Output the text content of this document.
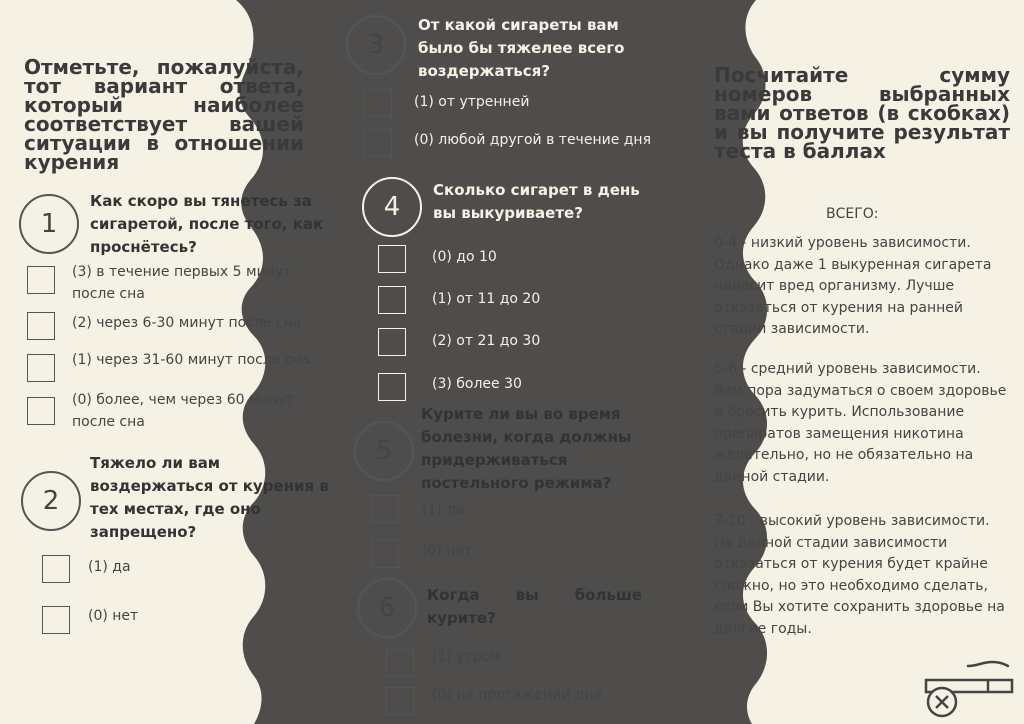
Отметьте, пожалуйста, тот вариант ответа, который наиболее соответствует вашей ситуации в отношении курения
1
Как скоро вы тянетесь за сигаретой, после того, как проснётесь?
(3) в течение первых 5 минут после сна
(2) через 6-30 минут после сна
(1) через 31-60 минут после сна
(0) более, чем через 60 минут после сна
2
Тяжело ли вам воздержаться от курения в тех местах, где оно запрещено?
(1) да
(0) нет
3
От какой сигареты вам было бы тяжелее всего воздержаться?
(1) от утренней
(0) любой другой в течение дня
4
Сколько сигарет в день вы выкуриваете?
(0) до 10
(1) от 11 до 20
(2) от 21 до 30
(3) более 30
5
Курите ли вы во время болезни, когда должны придерживаться постельного режима?
(1) да
(0) нет
6	Когда вы больше курите?
(1) утром
(0) на протяжении дня
Посчитайте сумму номеров выбранных вами ответов (в скобках) и вы получите результат теста в баллах
ВСЕГО:
0-4 - низкий уровень зависимости. Однако даже 1 выкуренная сигарета наносит вред организму. Лучше отказаться от курения на ранней стадии зависимости.
5-6 - средний уровень зависимости. Вам пора задуматься о своем здоровье и бросить курить. Использование препаратов замещения никотина желательно, но не обязательно на данной стадии.
7-10 - высокий уровень зависимости. На данной стадии зависимости отказаться от курения будет крайне сложно, но это необходимо сделать, если Вы хотите сохранить здоровье на долгие годы.
